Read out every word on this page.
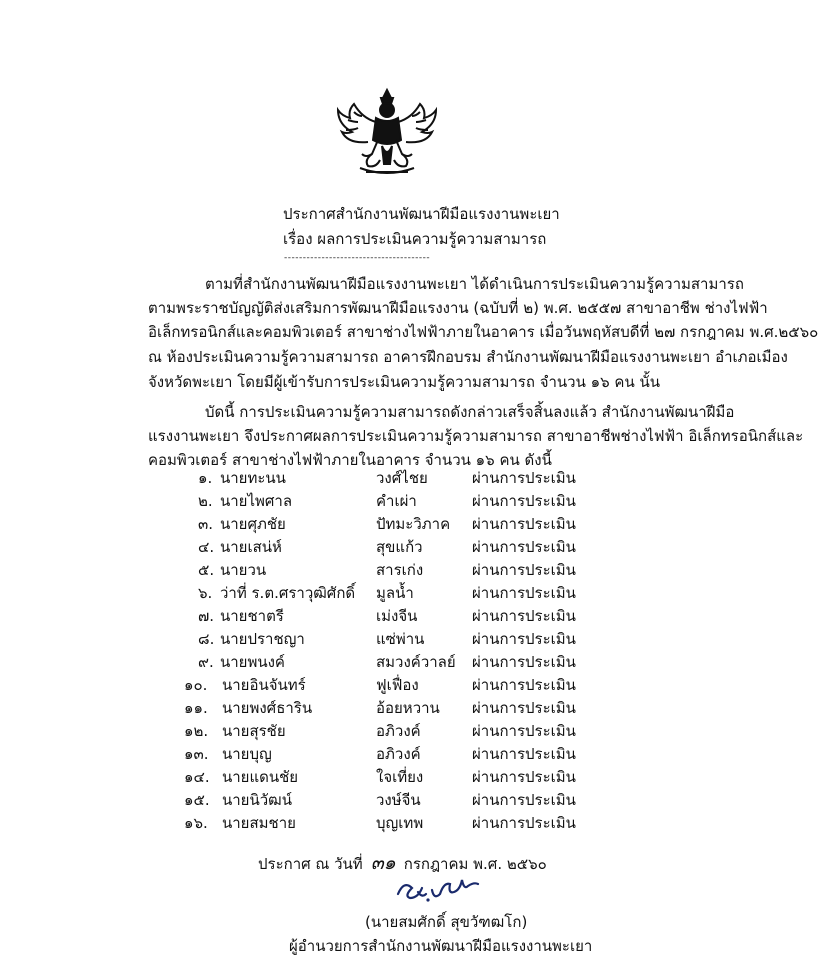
ประกาศสำนักงานพัฒนาฝีมือแรงงานพะเยา
เรื่อง ผลการประเมินความรู้ความสามารถ
---------------------------------------
ตามที่สำนักงานพัฒนาฝีมือแรงงานพะเยา ได้ดำเนินการประเมินความรู้ความสามารถ
ตามพระราชบัญญัติส่งเสริมการพัฒนาฝีมือแรงงาน (ฉบับที่ ๒) พ.ศ. ๒๕๕๗ สาขาอาชีพ ช่างไฟฟ้า
อิเล็กทรอนิกส์และคอมพิวเตอร์ สาขาช่างไฟฟ้าภายในอาคาร เมื่อวันพฤหัสบดีที่ ๒๗ กรกฎาคม พ.ศ.๒๕๖๐
ณ ห้องประเมินความรู้ความสามารถ อาคารฝึกอบรม สำนักงานพัฒนาฝีมือแรงงานพะเยา อำเภอเมือง
จังหวัดพะเยา โดยมีผู้เข้ารับการประเมินความรู้ความสามารถ จำนวน ๑๖ คน นั้น
บัดนี้ การประเมินความรู้ความสามารถดังกล่าวเสร็จสิ้นลงแล้ว สำนักงานพัฒนาฝีมือ
แรงงานพะเยา จึงประกาศผลการประเมินความรู้ความสามารถ สาขาอาชีพช่างไฟฟ้า อิเล็กทรอนิกส์และ
คอมพิวเตอร์ สาขาช่างไฟฟ้าภายในอาคาร จำนวน ๑๖ คน ดังนี้
๑. นายทะนน	วงศ์ไชย	ผ่านการประเมิน
๒. นายไพศาล	คำเผ่า	ผ่านการประเมิน
๓. นายศุภชัย	ปัทมะวิภาค ผ่านการประเมิน
๔. นายเสน่ห์	สุขแก้ว	ผ่านการประเมิน
๕. นายวน	สารเก่ง	ผ่านการประเมิน
๖. ว่าที่ ร.ต.ศราวุฒิศักดิ์ มูลน้ำ	ผ่านการประเมิน
๗. นายชาตรี	เม่งจีน	ผ่านการประเมิน
๘. นายปราชญา	แซ่พ่าน	ผ่านการประเมิน
๙. นายพนงค์	สมวงค์วาลย์ ผ่านการประเมิน
๑๐. นายอินจันทร์	ฟูเฟื่อง	ผ่านการประเมิน
๑๑. นายพงศ์ธาริน	อ้อยหวาน ผ่านการประเมิน
๑๒. นายสุรชัย	อภิวงค์	ผ่านการประเมิน
๑๓. นายบุญ	อภิวงค์	ผ่านการประเมิน
๑๔. นายแดนชัย	ใจเที่ยง	ผ่านการประเมิน
๑๕. นายนิวัฒน์	วงษ์จีน	ผ่านการประเมิน
๑๖. นายสมชาย	บุญเทพ	ผ่านการประเมิน
ประกาศ ณ วันที่ ๓๑ กรกฎาคม พ.ศ. ๒๕๖๐
(นายสมศักดิ์ สุขวัฑฒโก)
ผู้อำนวยการสำนักงานพัฒนาฝีมือแรงงานพะเยา
